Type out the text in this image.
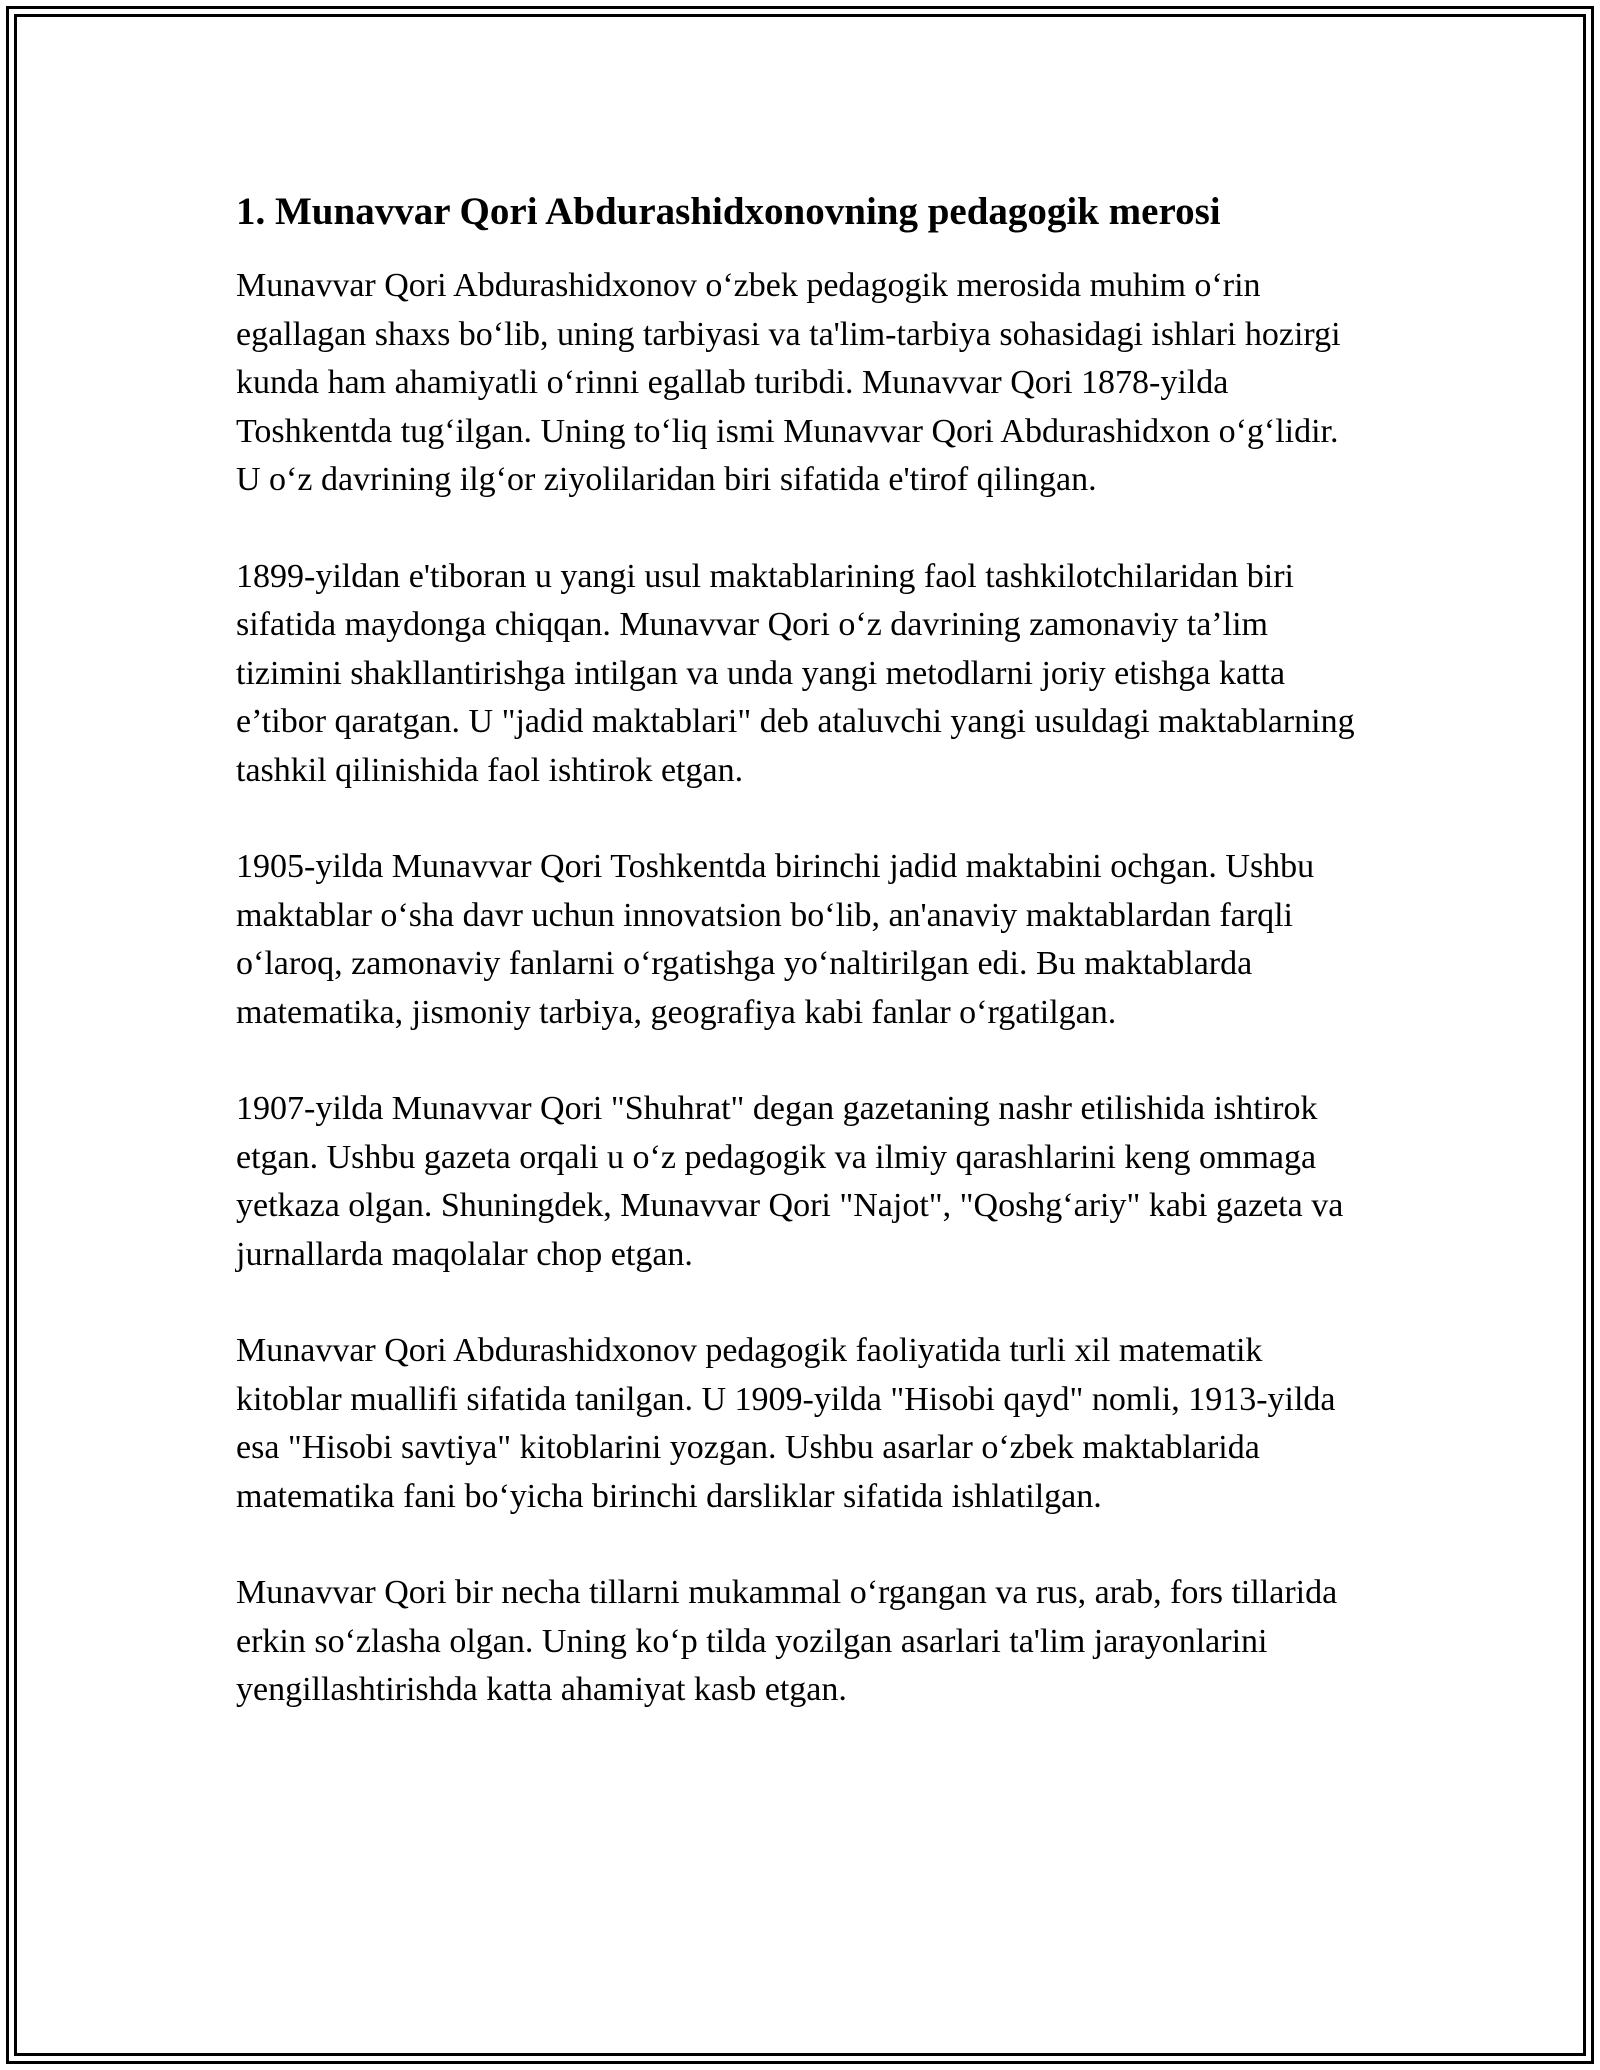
1. Munavvar Qori Abdurashidxonovning pedagogik merosi

Munavvar Qori Abdurashidxonov o‘zbek pedagogik merosida muhim o‘rin egallagan shaxs bo‘lib, uning tarbiyasi va ta'lim-tarbiya sohasidagi ishlari hozirgi kunda ham ahamiyatli o‘rinni egallab turibdi. Munavvar Qori 1878-yilda Toshkentda tug‘ilgan. Uning to‘liq ismi Munavvar Qori Abdurashidxon o‘g‘lidir. U o‘z davrining ilg‘or ziyolilaridan biri sifatida e'tirof qilingan.

1899-yildan e'tiboran u yangi usul maktablarining faol tashkilotchilaridan biri sifatida maydonga chiqqan. Munavvar Qori o‘z davrining zamonaviy ta’lim tizimini shakllantirishga intilgan va unda yangi metodlarni joriy etishga katta e’tibor qaratgan. U "jadid maktablari" deb ataluvchi yangi usuldagi maktablarning tashkil qilinishida faol ishtirok etgan.

1905-yilda Munavvar Qori Toshkentda birinchi jadid maktabini ochgan. Ushbu maktablar o‘sha davr uchun innovatsion bo‘lib, an'anaviy maktablardan farqli o‘laroq, zamonaviy fanlarni o‘rgatishga yo‘naltirilgan edi. Bu maktablarda matematika, jismoniy tarbiya, geografiya kabi fanlar o‘rgatilgan.

1907-yilda Munavvar Qori "Shuhrat" degan gazetaning nashr etilishida ishtirok etgan. Ushbu gazeta orqali u o‘z pedagogik va ilmiy qarashlarini keng ommaga yetkaza olgan. Shuningdek, Munavvar Qori "Najot", "Qoshg‘ariy" kabi gazeta va jurnallarda maqolalar chop etgan.

Munavvar Qori Abdurashidxonov pedagogik faoliyatida turli xil matematik kitoblar muallifi sifatida tanilgan. U 1909-yilda "Hisobi qayd" nomli, 1913-yilda esa "Hisobi savtiya" kitoblarini yozgan. Ushbu asarlar o‘zbek maktablarida matematika fani bo‘yicha birinchi darsliklar sifatida ishlatilgan.

Munavvar Qori bir necha tillarni mukammal o‘rgangan va rus, arab, fors tillarida erkin so‘zlasha olgan. Uning ko‘p tilda yozilgan asarlari ta'lim jarayonlarini yengillashtirishda katta ahamiyat kasb etgan.
